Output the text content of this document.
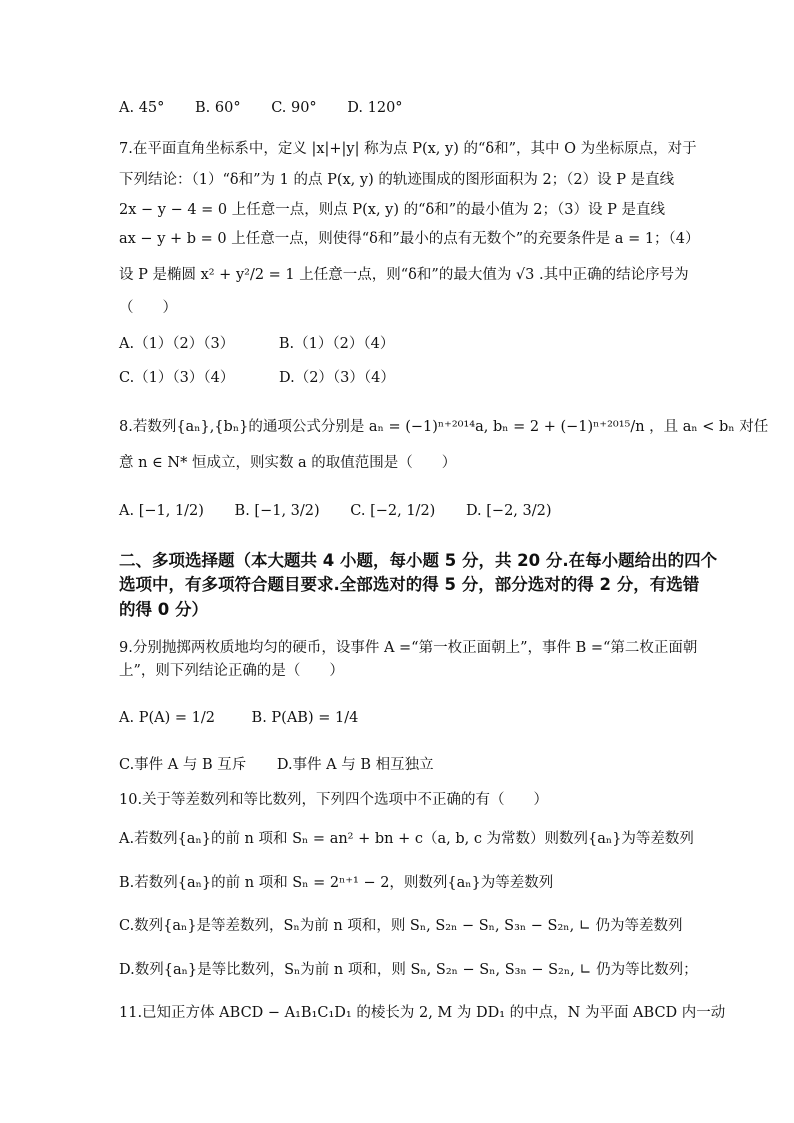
A. 45° B. 60° C. 90° D. 120°
7.在平面直角坐标系中，定义 |x|+|y| 称为点 P(x, y) 的“δ和”，其中 O 为坐标原点，对于
下列结论：（1）“δ和”为 1 的点 P(x, y) 的轨迹围成的图形面积为 2；（2）设 P 是直线
2x − y − 4 = 0 上任意一点，则点 P(x, y) 的“δ和”的最小值为 2；（3）设 P 是直线
ax − y + b = 0 上任意一点，则使得“δ和”最小的点有无数个”的充要条件是 a = 1；（4）
设 P 是椭圆 x² + y²/2 = 1 上任意一点，则“δ和”的最大值为 √3 .其中正确的结论序号为
（　　）
A.（1）（2）（3）	B.（1）（2）（4）
C.（1）（3）（4）	D.（2）（3）（4）
8.若数列{aₙ},{bₙ}的通项公式分别是 aₙ = (−1)ⁿ⁺²⁰¹⁴a, bₙ = 2 + (−1)ⁿ⁺²⁰¹⁵/n ，且 aₙ < bₙ 对任
意 n ∈ N* 恒成立，则实数 a 的取值范围是（　　）
A. [−1, 1/2) B. [−1, 3/2) C. [−2, 1/2) D. [−2, 3/2)
二、多项选择题（本大题共 4 小题，每小题 5 分，共 20 分.在每小题给出的四个
选项中，有多项符合题目要求.全部选对的得 5 分，部分选对的得 2 分，有选错
的得 0 分）
9.分别抛掷两枚质地均匀的硬币，设事件 A =“第一枚正面朝上”，事件 B =“第二枚正面朝
上”，则下列结论正确的是（　　）
A. P(A) = 1/2	B. P(AB) = 1/4
C.事件 A 与 B 互斥 D.事件 A 与 B 相互独立
10.关于等差数列和等比数列，下列四个选项中不正确的有（　　）
A.若数列{aₙ}的前 n 项和 Sₙ = an² + bn + c（a, b, c 为常数）则数列{aₙ}为等差数列
B.若数列{aₙ}的前 n 项和 Sₙ = 2ⁿ⁺¹ − 2，则数列{aₙ}为等差数列
C.数列{aₙ}是等差数列，Sₙ为前 n 项和，则 Sₙ, S₂ₙ − Sₙ, S₃ₙ − S₂ₙ, ∟ 仍为等差数列
D.数列{aₙ}是等比数列，Sₙ为前 n 项和，则 Sₙ, S₂ₙ − Sₙ, S₃ₙ − S₂ₙ, ∟ 仍为等比数列；
11.已知正方体 ABCD − A₁B₁C₁D₁ 的棱长为 2, M 为 DD₁ 的中点，N 为平面 ABCD 内一动
